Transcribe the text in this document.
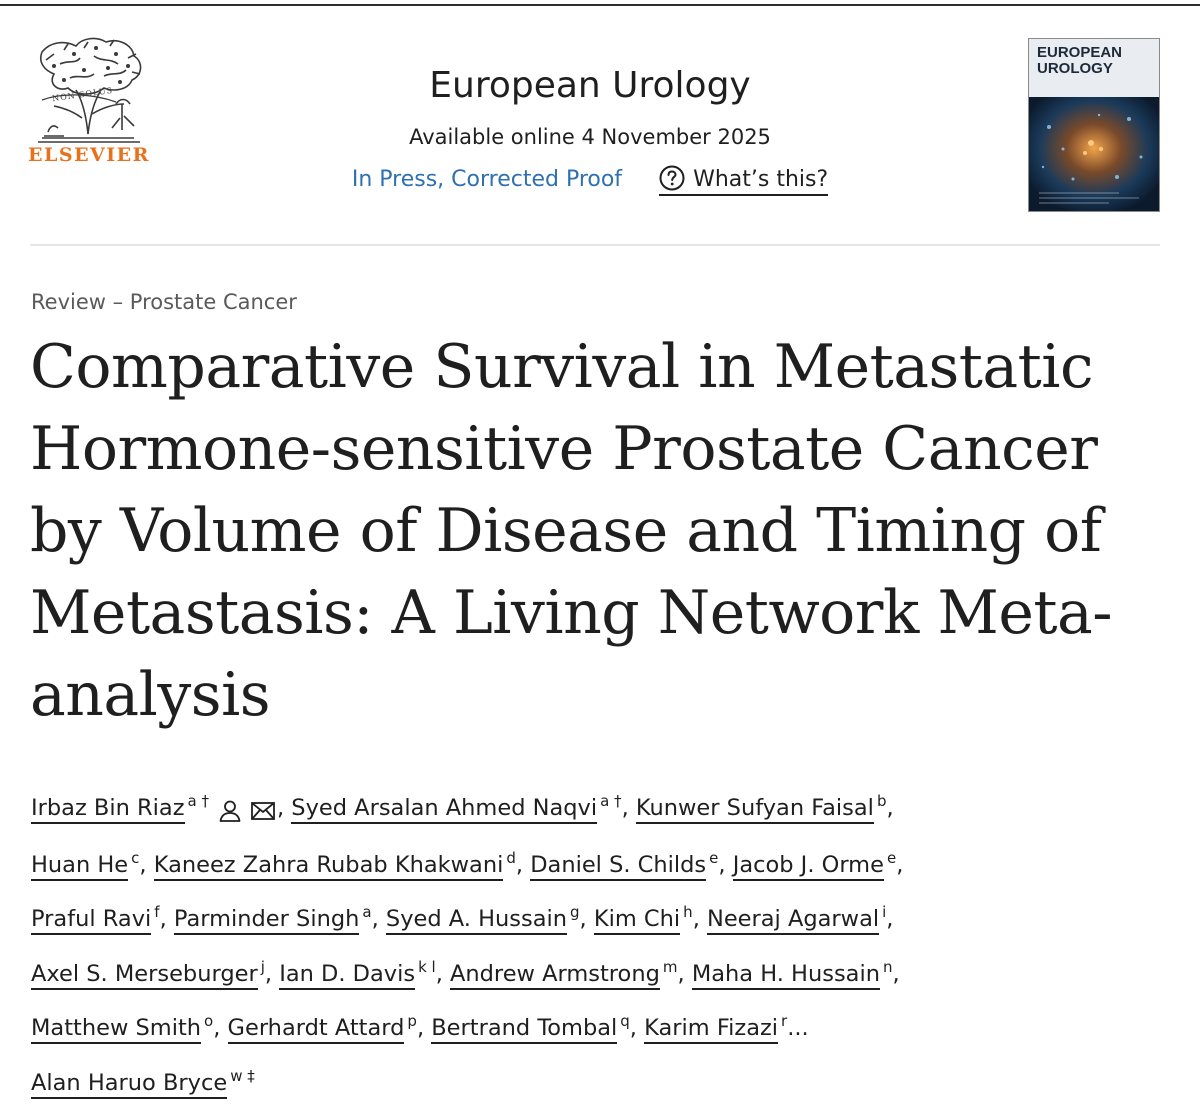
NON SOLUS
ELSEVIER
European Urology
Available online 4 November 2025
In Press, Corrected Proof	What’s this?
EUROPEAN
UROLOGY
Review – Prostate Cancer
Comparative Survival in Metastatic Hormone-sensitive Prostate Cancer by Volume of Disease and Timing of Metastasis: A Living Network Meta-analysis
Irbaz Bin Riaz $^{a \dagger}$	, Syed Arsalan Ahmed Naqvi $^{a \dagger}$, Kunwer Sufyan Faisal $^b$,
Huan He $^c$, Kaneez Zahra Rubab Khakwani $^d$, Daniel S. Childs $^e$, Jacob J. Orme $^e$,
Praful Ravi $^f$, Parminder Singh $^a$, Syed A. Hussain $^g$, Kim Chi $^h$, Neeraj Agarwal $^i$,
Axel S. Merseburger $^j$, Ian D. Davis $^{k l}$, Andrew Armstrong $^m$, Maha H. Hussain $^n$,
Matthew Smith $^o$, Gerhardt Attard $^p$, Bertrand Tombal $^q$, Karim Fizazi $^r$...
Alan Haruo Bryce $^{w \ddagger}$
